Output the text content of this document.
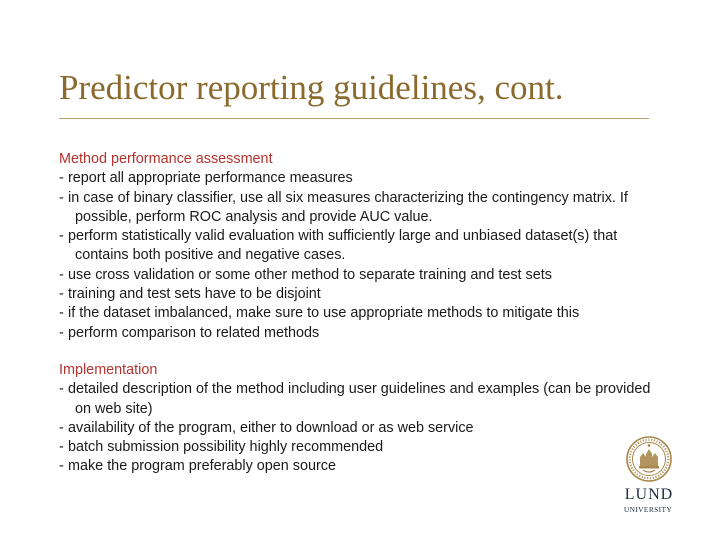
Predictor reporting guidelines, cont.
Method performance assessment
- report all appropriate performance measures
- in case of binary classifier, use all six measures characterizing the contingency matrix. If possible, perform ROC analysis and provide AUC value.
- perform statistically valid evaluation with sufficiently large and unbiased dataset(s) that contains both positive and negative cases.
- use cross validation or some other method to separate training and test sets
- training and test sets have to be disjoint
- if the dataset imbalanced, make sure to use appropriate methods to mitigate this
- perform comparison to related methods
Implementation
- detailed description of the method including user guidelines and examples (can be provided on web site)
- availability of the program, either to download or as web service
- batch submission possibility highly recommended
- make the program preferably open source
LUND
UNIVERSITY
